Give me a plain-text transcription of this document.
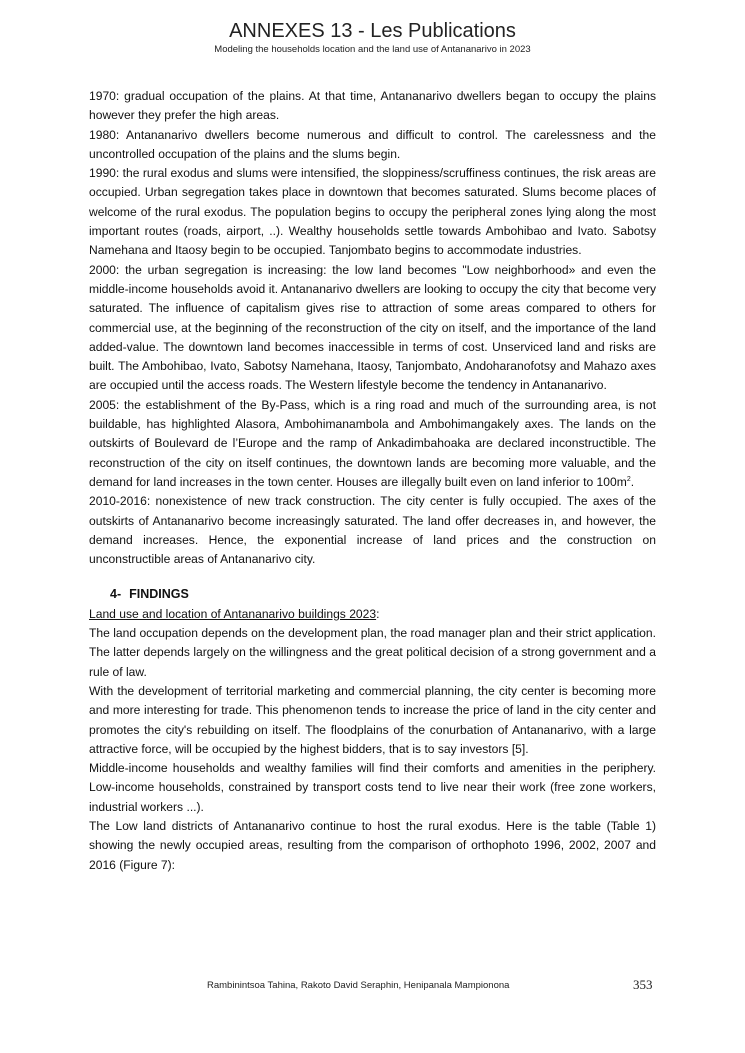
ANNEXES 13 - Les Publications
Modeling the households location and the land use of Antananarivo in 2023

1970: gradual occupation of the plains. At that time, Antananarivo dwellers began to occupy the plains however they prefer the high areas.

1980: Antananarivo dwellers become numerous and difficult to control. The carelessness and the uncontrolled occupation of the plains and the slums begin.

1990: the rural exodus and slums were intensified, the sloppiness/scruffiness continues, the risk areas are occupied. Urban segregation takes place in downtown that becomes saturated. Slums become places of welcome of the rural exodus. The population begins to occupy the peripheral zones lying along the most important routes (roads, airport, ..). Wealthy households settle towards Ambohibao and Ivato. Sabotsy Namehana and Itaosy begin to be occupied. Tanjombato begins to accommodate industries.

2000: the urban segregation is increasing: the low land becomes "Low neighborhood» and even the middle-income households avoid it. Antananarivo dwellers are looking to occupy the city that become very saturated. The influence of capitalism gives rise to attraction of some areas compared to others for commercial use, at the beginning of the reconstruction of the city on itself, and the importance of the land added-value. The downtown land becomes inaccessible in terms of cost. Unserviced land and risks are built. The Ambohibao, Ivato, Sabotsy Namehana, Itaosy, Tanjombato, Andoharanofotsy and Mahazo axes are occupied until the access roads. The Western lifestyle become the tendency in Antananarivo.

2005: the establishment of the By-Pass, which is a ring road and much of the surrounding area, is not buildable, has highlighted Alasora, Ambohimanambola and Ambohimangakely axes. The lands on the outskirts of Boulevard de l’Europe and the ramp of Ankadimbahoaka are declared inconstructible. The reconstruction of the city on itself continues, the downtown lands are becoming more valuable, and the demand for land increases in the town center. Houses are illegally built even on land inferior to $100m^2$.

2010-2016: nonexistence of new track construction. The city center is fully occupied. The axes of the outskirts of Antananarivo become increasingly saturated. The land offer decreases in, and however, the demand increases. Hence, the exponential increase of land prices and the construction on unconstructible areas of Antananarivo city.

4- FINDINGS

Land use and location of Antananarivo buildings 2023:

The land occupation depends on the development plan, the road manager plan and their strict application. The latter depends largely on the willingness and the great political decision of a strong government and a rule of law.

With the development of territorial marketing and commercial planning, the city center is becoming more and more interesting for trade. This phenomenon tends to increase the price of land in the city center and promotes the city's rebuilding on itself. The floodplains of the conurbation of Antananarivo, with a large attractive force, will be occupied by the highest bidders, that is to say investors [5].

Middle-income households and wealthy families will find their comforts and amenities in the periphery. Low-income households, constrained by transport costs tend to live near their work (free zone workers, industrial workers ...).

The Low land districts of Antananarivo continue to host the rural exodus. Here is the table (Table 1) showing the newly occupied areas, resulting from the comparison of orthophoto 1996, 2002, 2007 and 2016 (Figure 7):

Rambinintsoa Tahina, Rakoto David Seraphin, Henipanala Mampionona	353
